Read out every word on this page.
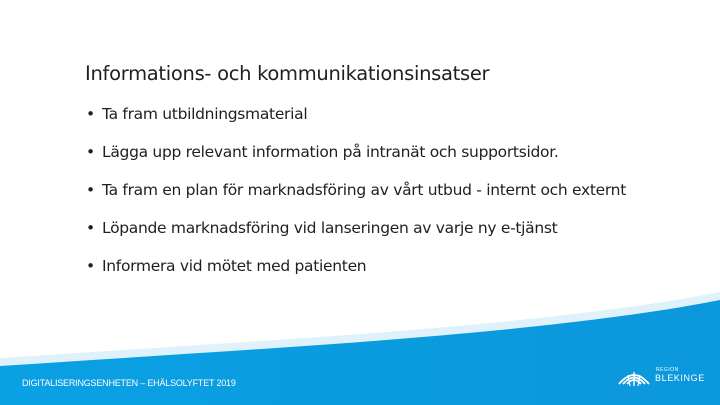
Informations- och kommunikationsinsatser
• Ta fram utbildningsmaterial
• Lägga upp relevant information på intranät och supportsidor.
• Ta fram en plan för marknadsföring av vårt utbud - internt och externt
• Löpande marknadsföring vid lanseringen av varje ny e-tjänst
• Informera vid mötet med patienten
DIGITALISERINGSENHETEN – EHÄLSOLYFTET 2019
REGION
BLEKINGE
